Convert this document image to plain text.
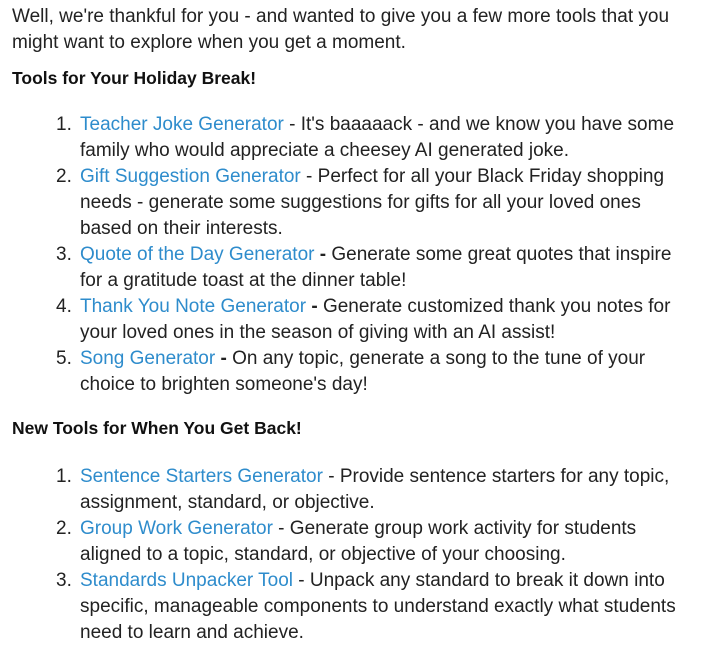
Well, we're thankful for you - and wanted to give you a few more tools that you might want to explore when you get a moment.

Tools for Your Holiday Break!
1. Teacher Joke Generator - It's baaaaack - and we know you have some family who would appreciate a cheesey AI generated joke.
2. Gift Suggestion Generator - Perfect for all your Black Friday shopping needs - generate some suggestions for gifts for all your loved ones based on their interests.
3. Quote of the Day Generator - Generate some great quotes that inspire for a gratitude toast at the dinner table!
4. Thank You Note Generator - Generate customized thank you notes for your loved ones in the season of giving with an AI assist!
5. Song Generator - On any topic, generate a song to the tune of your choice to brighten someone's day!
New Tools for When You Get Back!
1. Sentence Starters Generator - Provide sentence starters for any topic, assignment, standard, or objective.
2. Group Work Generator - Generate group work activity for students aligned to a topic, standard, or objective of your choosing.
3. Standards Unpacker Tool - Unpack any standard to break it down into specific, manageable components to understand exactly what students need to learn and achieve.
